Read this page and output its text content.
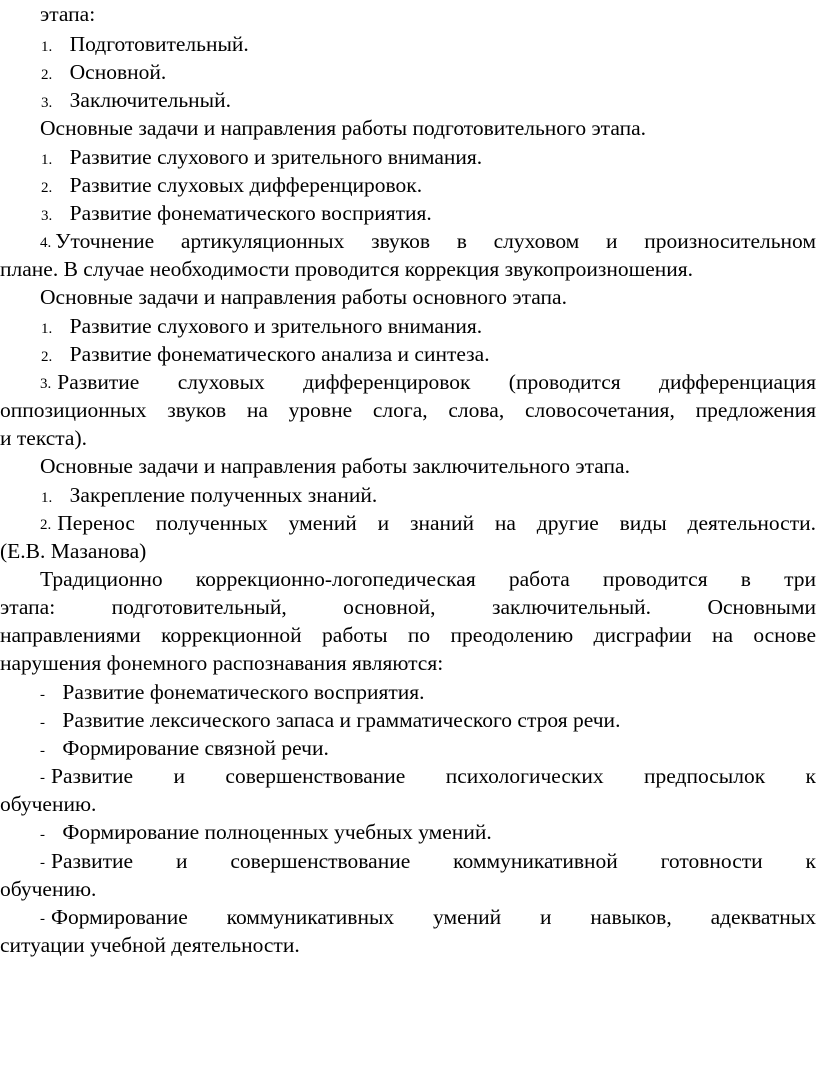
этапа:
1. Подготовительный.
2. Основной.
3. Заключительный.
Основные задачи и направления работы подготовительного этапа.
1. Развитие слухового и зрительного внимания.
2. Развитие слуховых дифференцировок.
3. Развитие фонематического восприятия.
4. Уточнение артикуляционных звуков в слуховом и произносительном
плане. В случае необходимости проводится коррекция звукопроизношения.
Основные задачи и направления работы основного этапа.
1. Развитие слухового и зрительного внимания.
2. Развитие фонематического анализа и синтеза.
3. Развитие слуховых дифференцировок (проводится дифференциация
оппозиционных звуков на уровне слога, слова, словосочетания, предложения
и текста).
Основные задачи и направления работы заключительного этапа.
1. Закрепление полученных знаний.
2. Перенос полученных умений и знаний на другие виды деятельности.
(Е.В. Мазанова)
Традиционно коррекционно-логопедическая работа проводится в три
этапа: подготовительный, основной, заключительный. Основными
направлениями коррекционной работы по преодолению дисграфии на основе
нарушения фонемного распознавания являются:
- Развитие фонематического восприятия.
- Развитие лексического запаса и грамматического строя речи.
- Формирование связной речи.
- Развитие и совершенствование психологических предпосылок к
обучению.
- Формирование полноценных учебных умений.
- Развитие и совершенствование коммуникативной готовности к
обучению.
- Формирование коммуникативных умений и навыков, адекватных
ситуации учебной деятельности.
